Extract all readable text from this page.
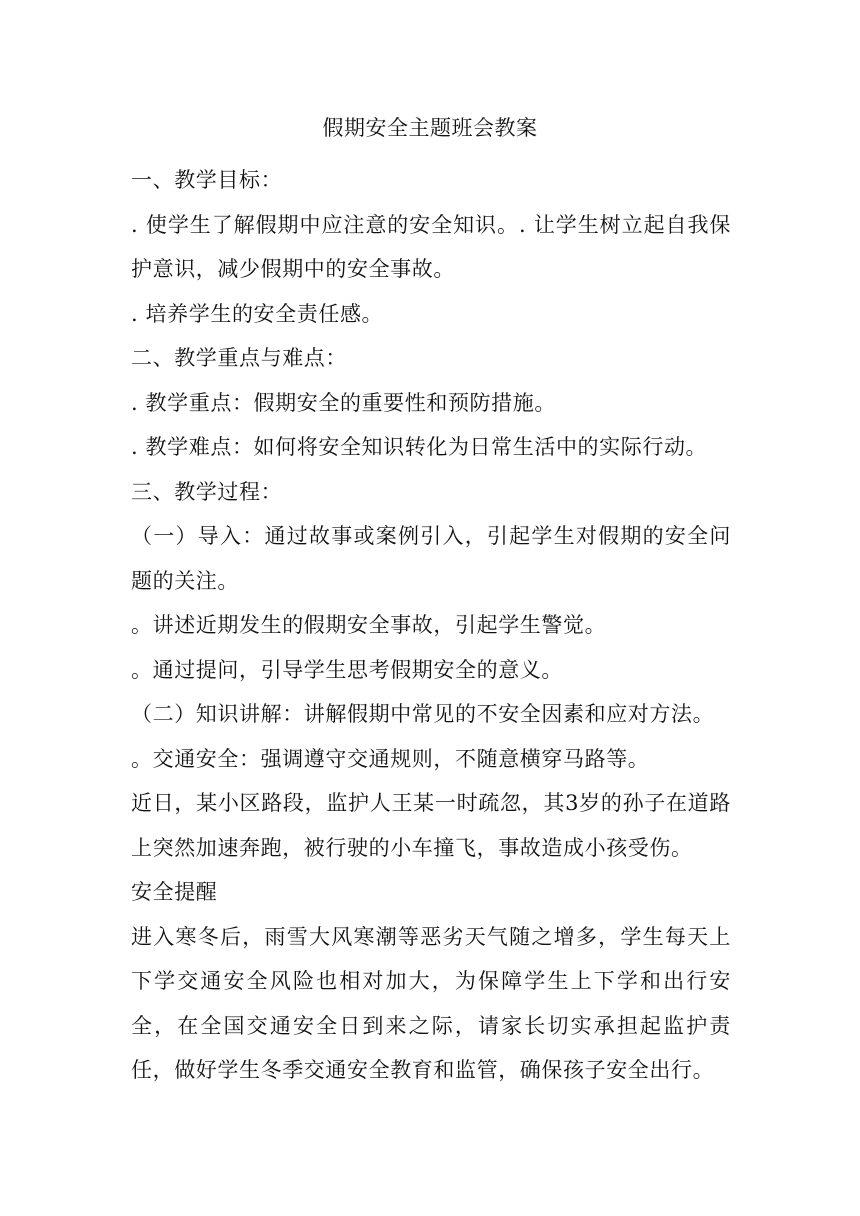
假期安全主题班会教案

一、教学目标：

. 使学生了解假期中应注意的安全知识。. 让学生树立起自我保护意识，减少假期中的安全事故。

. 培养学生的安全责任感。

二、教学重点与难点：

. 教学重点：假期安全的重要性和预防措施。

. 教学难点：如何将安全知识转化为日常生活中的实际行动。

三、教学过程：

（一）导入：通过故事或案例引入，引起学生对假期的安全问题的关注。

。讲述近期发生的假期安全事故，引起学生警觉。

。通过提问，引导学生思考假期安全的意义。

（二）知识讲解：讲解假期中常见的不安全因素和应对方法。

。交通安全：强调遵守交通规则，不随意横穿马路等。

近日，某小区路段，监护人王某一时疏忽，其3岁的孙子在道路上突然加速奔跑，被行驶的小车撞飞，事故造成小孩受伤。

安全提醒

进入寒冬后，雨雪大风寒潮等恶劣天气随之增多，学生每天上下学交通安全风险也相对加大，为保障学生上下学和出行安全，在全国交通安全日到来之际，请家长切实承担起监护责任，做好学生冬季交通安全教育和监管，确保孩子安全出行。
